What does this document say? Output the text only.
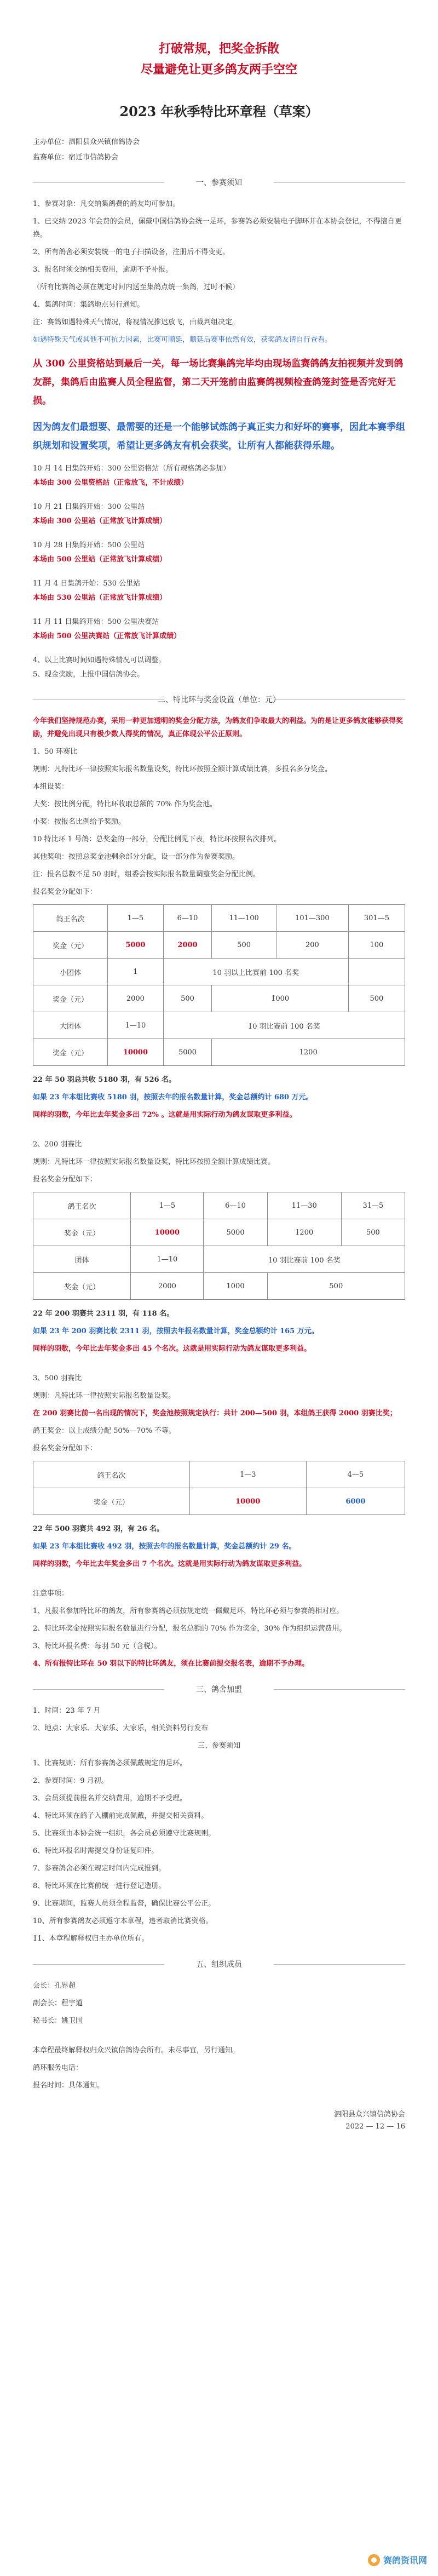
打破常规，把奖金拆散
尽量避免让更多鸽友两手空空
2023 年秋季特比环章程（草案）

主办单位：泗阳县众兴镇信鸽协会

监赛单位：宿迁市信鸽协会

一、参赛须知

1、参赛对象：凡交纳集鸽费的鸽友均可参加。

1、已交纳 2023 年会费的会员，佩戴中国信鸽协会统一足环，参赛鸽必须安装电子脚环并在本协会登记，不得擅自更换。

2、所有鸽舍必须安装统一的电子扫描设备，注册后不得变更。

3、报名时须交纳相关费用，逾期不予补报。

（所有比赛鸽必须在规定时间内送至集鸽点统一集鸽，过时不候）

4、集鸽时间：集鸽地点另行通知。

注：赛鸽如遇特殊天气情况，将视情况推迟放飞，由裁判组决定。

如遇特殊天气或其他不可抗力因素，比赛可顺延，顺延后赛事依然有效，获奖鸽友请自行查看。

从 300 公里资格站到最后一关，每一场比赛集鸽完毕均由现场监赛鸽鸽友拍视频并发到鸽友群，集鸽后由监赛人员全程监督，第二天开笼前由监赛鸽视频检查鸽笼封签是否完好无损。
因为鸽友们最想要、最需要的还是一个能够试炼鸽子真正实力和好坏的赛事，因此本赛季组织规划和设置奖项，希望让更多鸽友有机会获奖，让所有人都能获得乐趣。

10 月 14 日集鸽开始：300 公里资格站（所有规格鸽必参加）

本场由 300 公里资格站（正常放飞，不计成绩）

10 月 21 日集鸽开始：300 公里站

本场由 300 公里站（正常放飞计算成绩）

10 月 28 日集鸽开始：500 公里站

本场由 500 公里站（正常放飞计算成绩）

11 月 4 日集鸽开始：530 公里站

本场由 530 公里站（正常放飞计算成绩）

11 月 11 日集鸽开始：500 公里决赛站

本场由 500 公里决赛站（正常放飞计算成绩）

4、以上比赛时间如遇特殊情况可以调整。

5、现金奖励，上报中国信鸽协会。

二、特比环与奖金设置（单位：元）

今年我们坚持规范办赛，采用一种更加透明的奖金分配方法，为鸽友们争取最大的利益。为的是让更多鸽友能够获得奖励，并避免出现只有极少数人得奖的情况，真正体现公平公正原则。

1、50 环赛比

规则：凡特比环一律按照实际报名数量设奖，特比环按照全额计算成绩比赛，多报名多分奖金。

本组设奖：

大奖：按比例分配，特比环收取总额的 70% 作为奖金池。

小奖：按报名比例给予奖励。

10 特比环 1 号鸽：总奖金的一部分，分配比例见下表，特比环按照名次排列。

其他奖项：按照总奖金池剩余部分分配，设一部分作为参赛奖励。

注：报名总数不足 50 羽时，组委会按实际报名数量调整奖金分配比例。

报名奖金分配如下：

鸽王名次	1—5	6—10	11—100	101—300	301—5
奖金（元）	5000	2000	500	200	100
小团体	1	10 羽以上比赛前 100 名奖			
奖金（元）	2000	500	1000		500
大团体	1—10	10 羽比赛前 100 名奖			
奖金（元）	10000	5000	1200		

22 年 50 羽总共收 5180 羽，有 526 名。

如果 23 年本组比赛收 5180 羽，按照去年的报名数量计算，奖金总额约计 680 万元。

同样的羽数，今年比去年奖金多出 72% 。这就是用实际行动为鸽友谋取更多利益。

2、200 羽赛比

规则：凡特比环一律按照实际报名数量设奖，特比环按照全额计算成绩比赛。

报名奖金分配如下：

鸽王名次	1—5	6—10	11—30	31—5
奖金（元）	10000	5000	1200	500
团体	1—10	10 羽比赛前 100 名奖		
奖金（元）	2000	1000	500	

22 年 200 羽赛共 2311 羽，有 118 名。

如果 23 年 200 羽赛比收 2311 羽，按照去年报名数量计算，奖金总额约计 165 万元。

同样的羽数，今年比去年奖金多出 45 个名次。这就是用实际行动为鸽友谋取更多利益。

3、500 羽赛比

规则：凡特比环一律按照实际报名数量设奖。

在 200 羽赛比前一名出现的情况下，奖金池按照规定执行：共计 200—500 羽，本组鸽王获得 2000 羽赛比奖；

鸽王奖金：以上成绩分配 50%—70% 不等。

报名奖金分配如下：

鸽王名次	1—3	4—5
奖金（元）	10000	6000

22 年 500 羽赛共 492 羽，有 26 名。

如果 23 年本组比赛收 492 羽，按照去年的报名数量计算，奖金总额约计 29 名。

同样的羽数，今年比去年奖金多出 7 个名次。这就是用实际行动为鸽友谋取更多利益。

注意事项：

1、凡报名参加特比环的鸽友，所有参赛鸽必须按规定统一佩戴足环，特比环必须与参赛鸽相对应。

2、特比环奖金按照实际报名数量进行分配，报名总额的 70% 作为奖金，30% 作为组织运营费用。

3、特比环报名费：每羽 50 元（含税）。

4、所有报特比环在 50 羽以下的特比环鸽友，须在比赛前提交报名表，逾期不予办理。

三、鸽舍加盟

1、时间：23 年 7 月

2、地点：大家乐、大家乐、大家乐，相关资料另行发布

三、参赛须知

1、比赛规则：所有参赛鸽必须佩戴规定的足环。

2、参赛时间：9 月初。

3、会员须提前报名并交纳费用，逾期不予受理。

4、特比环须在鸽子入棚前完成佩戴，并提交相关资料。

5、比赛须由本协会统一组织，各会员必须遵守比赛规则。

6、特比环报名时需提交身份证复印件。

7、参赛鸽舍必须在规定时间内完成报到。

8、特比环须在比赛前统一进行登记造册。

9、比赛期间，监赛人员须全程监督，确保比赛公平公正。

10、所有参赛鸽友必须遵守本章程，违者取消比赛资格。

11、本章程解释权归主办单位所有。

五、组织成员

会长：孔界超

副会长：程宇道

秘书长：姚卫国

本章程最终解释权归众兴镇信鸽协会所有。未尽事宜，另行通知。

鸽环服务电话：

报名时间：具体通知。

泗阳县众兴镇信鸽协会
2022 — 12 — 16
赛鸽资讯网
